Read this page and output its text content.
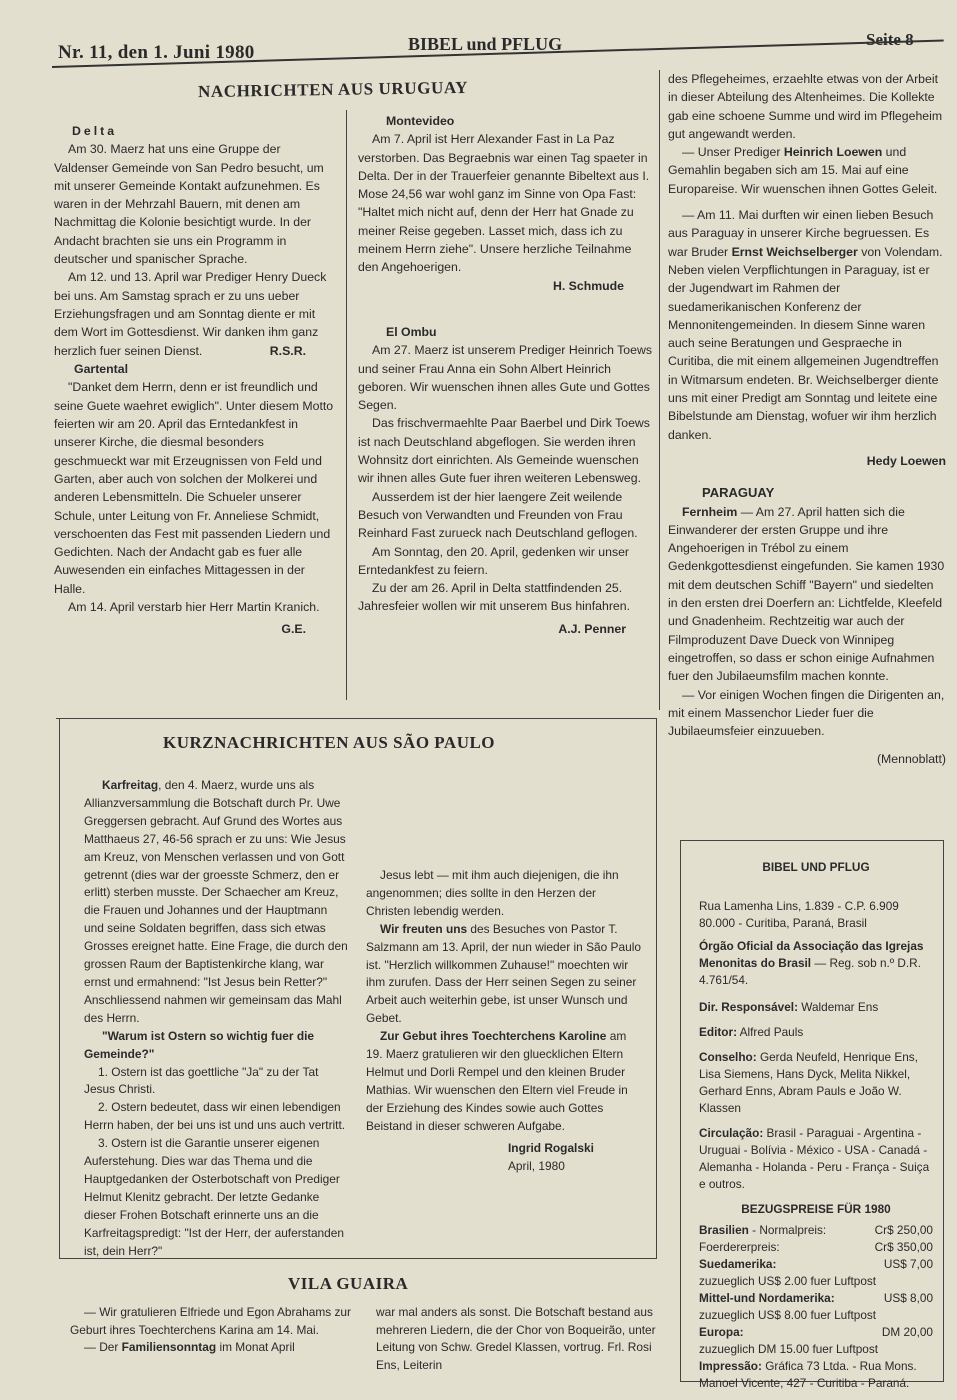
Nr. 11, den 1. Juni 1980	BIBEL und PFLUG	Seite 8
NACHRICHTEN AUS URUGUAY

Delta

Am 30. Maerz hat uns eine Gruppe der Valdenser Gemeinde von San Pedro besucht, um mit unserer Gemeinde Kontakt aufzunehmen. Es waren in der Mehrzahl Bauern, mit denen am Nachmittag die Kolonie besichtigt wurde. In der Andacht brachten sie uns ein Programm in deutscher und spanischer Sprache.

Am 12. und 13. April war Prediger Henry Dueck bei uns. Am Samstag sprach er zu uns ueber Erziehungsfragen und am Sonntag diente er mit dem Wort im Gottesdienst. Wir danken ihm ganz herzlich fuer seinen Dienst.	R.S.R.

Gartental

"Danket dem Herrn, denn er ist freundlich und seine Guete waehret ewiglich". Unter diesem Motto feierten wir am 20. April das Erntedankfest in unserer Kirche, die diesmal besonders geschmueckt war mit Erzeugnissen von Feld und Garten, aber auch von solchen der Molkerei und anderen Lebensmitteln. Die Schueler unserer Schule, unter Leitung von Fr. Anneliese Schmidt, verschoenten das Fest mit passenden Liedern und Gedichten. Nach der Andacht gab es fuer alle Auwesenden ein einfaches Mittagessen in der Halle.

Am 14. April verstarb hier Herr Martin Kranich.

G.E.

Montevideo

Am 7. April ist Herr Alexander Fast in La Paz verstorben. Das Begraebnis war einen Tag spaeter in Delta. Der in der Trauerfeier genannte Bibeltext aus I. Mose 24,56 war wohl ganz im Sinne von Opa Fast: "Haltet mich nicht auf, denn der Herr hat Gnade zu meiner Reise gegeben. Lasset mich, dass ich zu meinem Herrn ziehe". Unsere herzliche Teilnahme den Angehoerigen.

H. Schmude

El Ombu

Am 27. Maerz ist unserem Prediger Heinrich Toews und seiner Frau Anna ein Sohn Albert Heinrich geboren. Wir wuenschen ihnen alles Gute und Gottes Segen.

Das frischvermaehlte Paar Baerbel und Dirk Toews ist nach Deutschland abgeflogen. Sie werden ihren Wohnsitz dort einrichten. Als Gemeinde wuenschen wir ihnen alles Gute fuer ihren weiteren Lebensweg.

Ausserdem ist der hier laengere Zeit weilende Besuch von Verwandten und Freunden von Frau Reinhard Fast zurueck nach Deutschland geflogen.

Am Sonntag, den 20. April, gedenken wir unser Erntedankfest zu feiern.

Zu der am 26. April in Delta stattfindenden 25. Jahresfeier wollen wir mit unserem Bus hinfahren.

A.J. Penner

des Pflegeheimes, erzaehlte etwas von der Arbeit in dieser Abteilung des Altenheimes. Die Kollekte gab eine schoene Summe und wird im Pflegeheim gut angewandt werden.

— Unser Prediger Heinrich Loewen und Gemahlin begaben sich am 15. Mai auf eine Europareise. Wir wuenschen ihnen Gottes Geleit.

— Am 11. Mai durften wir einen lieben Besuch aus Paraguay in unserer Kirche begruessen. Es war Bruder Ernst Weichselberger von Volendam. Neben vielen Verpflichtungen in Paraguay, ist er der Jugendwart im Rahmen der suedamerikanischen Konferenz der Mennonitengemeinden. In diesem Sinne waren auch seine Beratungen und Gespraeche in Curitiba, die mit einem allgemeinen Jugendtreffen in Witmarsum endeten. Br. Weichselberger diente uns mit einer Predigt am Sonntag und leitete eine Bibelstunde am Dienstag, wofuer wir ihm herzlich danken.

Hedy Loewen

PARAGUAY

Fernheim — Am 27. April hatten sich die Einwanderer der ersten Gruppe und ihre Angehoerigen in Trébol zu einem Gedenkgottesdienst eingefunden. Sie kamen 1930 mit dem deutschen Schiff "Bayern" und siedelten in den ersten drei Doerfern an: Lichtfelde, Kleefeld und Gnadenheim. Rechtzeitig war auch der Filmproduzent Dave Dueck von Winnipeg eingetroffen, so dass er schon einige Aufnahmen fuer den Jubilaeumsfilm machen konnte.

— Vor einigen Wochen fingen die Dirigenten an, mit einem Massenchor Lieder fuer die Jubilaeumsfeier einzuueben.

(Mennoblatt)

KURZNACHRICHTEN AUS SÃO PAULO

Karfreitag, den 4. Maerz, wurde uns als Allianzversammlung die Botschaft durch Pr. Uwe Greggersen gebracht. Auf Grund des Wortes aus Matthaeus 27, 46-56 sprach er zu uns: Wie Jesus am Kreuz, von Menschen verlassen und von Gott getrennt (dies war der groesste Schmerz, den er erlitt) sterben musste. Der Schaecher am Kreuz, die Frauen und Johannes und der Hauptmann und seine Soldaten begriffen, dass sich etwas Grosses ereignet hatte. Eine Frage, die durch den grossen Raum der Baptistenkirche klang, war ernst und ermahnend: "Ist Jesus bein Retter?" Anschliessend nahmen wir gemeinsam das Mahl des Herrn.

"Warum ist Ostern so wichtig fuer die Gemeinde?"

1. Ostern ist das goettliche "Ja" zu der Tat Jesus Christi.

2. Ostern bedeutet, dass wir einen lebendigen Herrn haben, der bei uns ist und uns auch vertritt.

3. Ostern ist die Garantie unserer eigenen Auferstehung. Dies war das Thema und die Hauptgedanken der Osterbotschaft von Prediger Helmut Klenitz gebracht. Der letzte Gedanke dieser Frohen Botschaft erinnerte uns an die Karfreitagspredigt: "Ist der Herr, der auferstanden ist, dein Herr?"

Jesus lebt — mit ihm auch diejenigen, die ihn angenommen; dies sollte in den Herzen der Christen lebendig werden.

Wir freuten uns des Besuches von Pastor T. Salzmann am 13. April, der nun wieder in São Paulo ist. "Herzlich willkommen Zuhause!" moechten wir ihm zurufen. Dass der Herr seinen Segen zu seiner Arbeit auch weiterhin gebe, ist unser Wunsch und Gebet.

Zur Gebut ihres Toechterchens Karoline am 19. Maerz gratulieren wir den gluecklichen Eltern Helmut und Dorli Rempel und den kleinen Bruder Mathias. Wir wuenschen den Eltern viel Freude in der Erziehung des Kindes sowie auch Gottes Beistand in dieser schweren Aufgabe.

Ingrid Rogalski

April, 1980

VILA GUAIRA

— Wir gratulieren Elfriede und Egon Abrahams zur Geburt ihres Toechterchens Karina am 14. Mai.

— Der Familiensonntag im Monat April

war mal anders als sonst. Die Botschaft bestand aus mehreren Liedern, die der Chor von Boqueirão, unter Leitung von Schw. Gredel Klassen, vortrug. Frl. Rosi Ens, Leiterin

BIBEL UND PFLUG

Rua Lamenha Lins, 1.839 - C.P. 6.909 80.000 - Curitiba, Paraná, Brasil

Órgão Oficial da Associação das Igrejas Menonitas do Brasil — Reg. sob n.º D.R. 4.761/54.

Dir. Responsável: Waldemar Ens

Editor: Alfred Pauls

Conselho: Gerda Neufeld, Henrique Ens, Lisa Siemens, Hans Dyck, Melita Nikkel, Gerhard Enns, Abram Pauls e João W. Klassen

Circulação: Brasil - Paraguai - Argentina - Uruguai - Bolívia - México - USA - Canadá - Alemanha - Holanda - Peru - França - Suiça e outros.

BEZUGSPREISE FÜR 1980

Brasilien - Normalpreis:	Cr$ 250,00
Foerdererpreis:	Cr$ 350,00
Suedamerika:	US$ 7,00
zuzueglich US$ 2.00 fuer Luftpost
Mittel-und Nordamerika:	US$ 8,00
zuzueglich US$ 8.00 fuer Luftpost
Europa:	DM 20,00
zuzueglich DM 15.00 fuer Luftpost

Impressão: Gráfica 73 Ltda. - Rua Mons. Manoel Vicente, 427 - Curitiba - Paraná.
